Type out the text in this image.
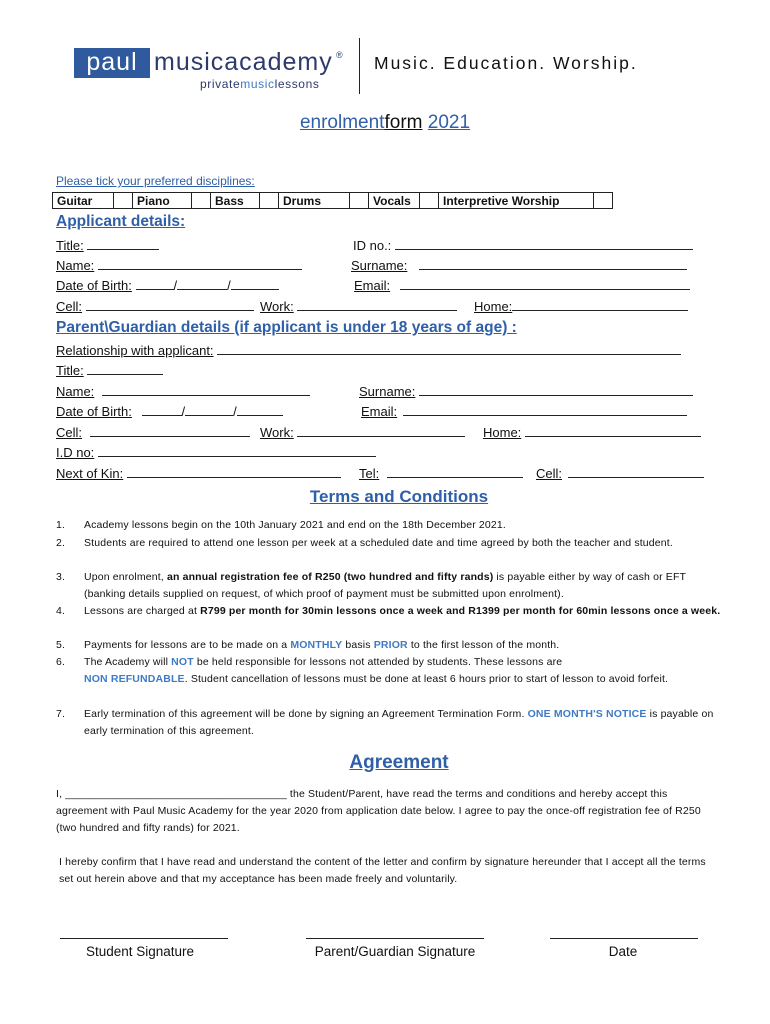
paul musicacademy ®
privatemusiclessons
Music. Education. Worship.
enrolmentform 2021
Please tick your preferred disciplines:
Guitar		Piano		Bass		Drums		Vocals		Interpretive Worship	
Applicant details:
Title:	ID no.:
Name:	Surname:
Date of Birth:	/	/	Email:
Cell:	Work:	Home:
Parent\Guardian details (if applicant is under 18 years of age) :
Relationship with applicant:
Title:
Name:	Surname:
Date of Birth:	/	/	Email:
Cell:	Work:	Home:
I.D no:
Next of Kin:	Tel:	Cell:
Terms and Conditions
1. Academy lessons begin on the 10th January 2021 and end on the 18th December 2021.
2. Students are required to attend one lesson per week at a scheduled date and time agreed by both the teacher and student.
3. Upon enrolment, an annual registration fee of R250 (two hundred and fifty rands) is payable either by way of cash or EFT (banking details supplied on request, of which proof of payment must be submitted upon enrolment).
4. Lessons are charged at R799 per month for 30min lessons once a week and R1399 per month for 60min lessons once a week.
5. Payments for lessons are to be made on a MONTHLY basis PRIOR to the first lesson of the month.
6. The Academy will NOT be held responsible for lessons not attended by students. These lessons are
NON REFUNDABLE. Student cancellation of lessons must be done at least 6 hours prior to start of lesson to avoid forfeit.
7. Early termination of this agreement will be done by signing an Agreement Termination Form. ONE MONTH'S NOTICE is payable on early termination of this agreement.
Agreement
I, _____________________________________ the Student/Parent, have read the terms and conditions and hereby accept this agreement with Paul Music Academy for the year 2020 from application date below. I agree to pay the once-off registration fee of R250 (two hundred and fifty rands) for 2021.
I hereby confirm that I have read and understand the content of the letter and confirm by signature hereunder that I accept all the terms set out herein above and that my acceptance has been made freely and voluntarily.
Student Signature	Parent/Guardian Signature	Date
